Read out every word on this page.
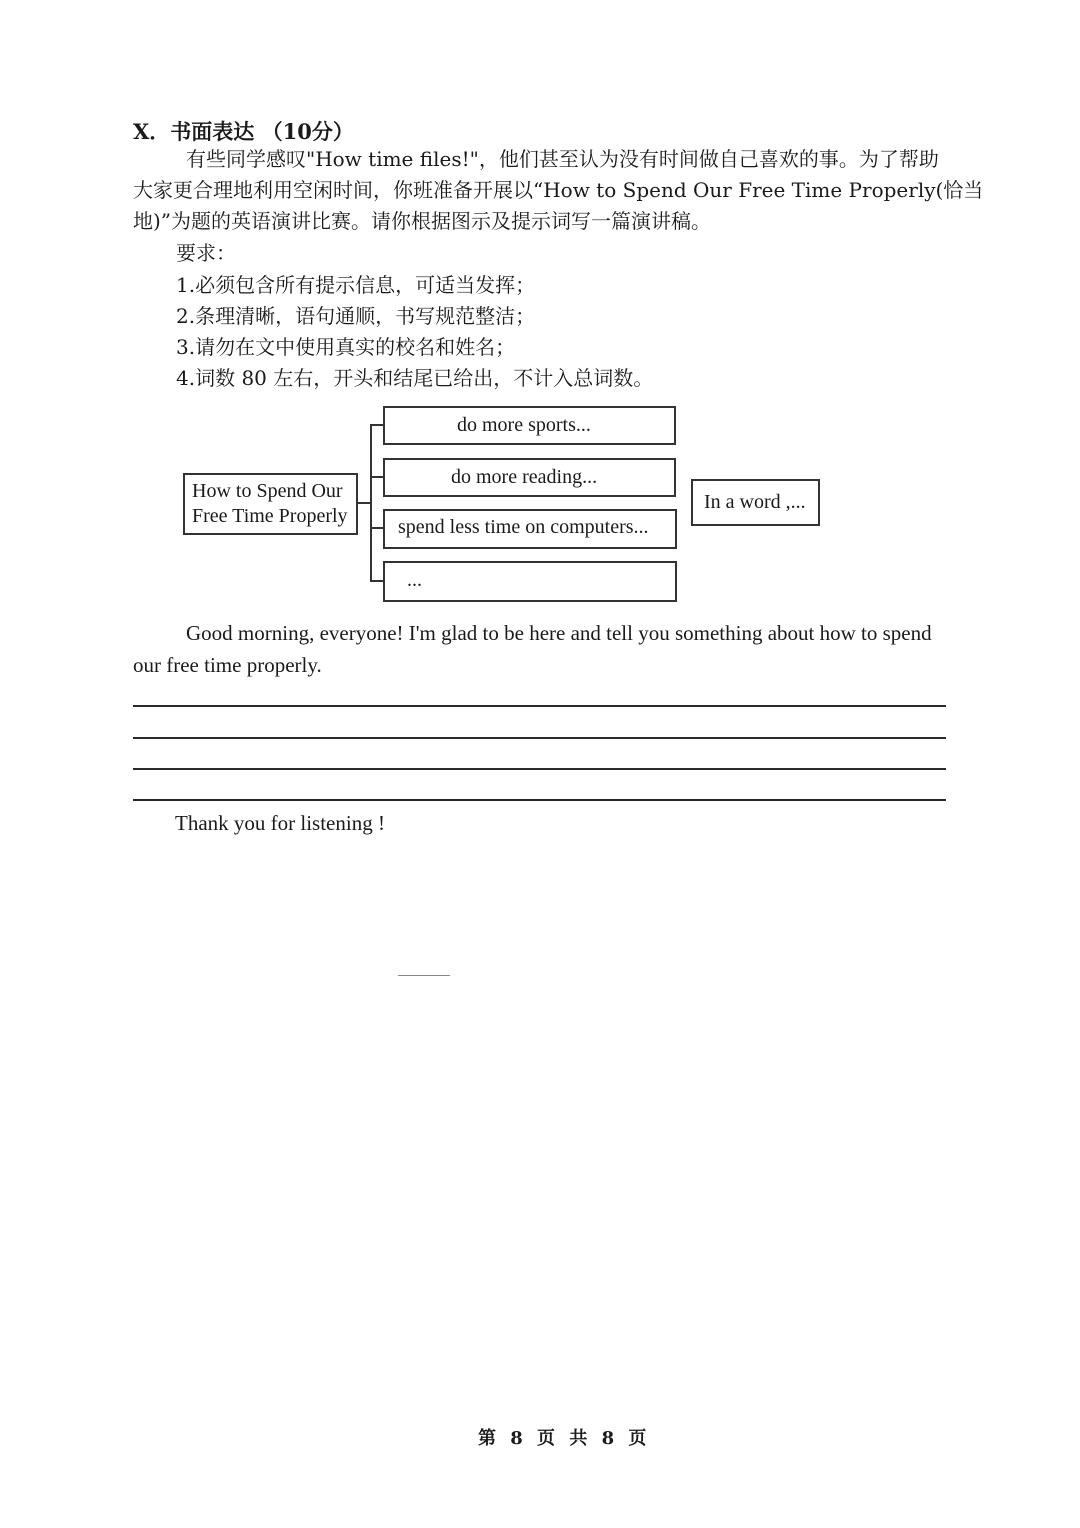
X．书面表达 （10分）
有些同学感叹"How time files!"，他们甚至认为没有时间做自己喜欢的事。为了帮助
大家更合理地利用空闲时间，你班准备开展以“How to Spend Our Free Time Properly(恰当
地)”为题的英语演讲比赛。请你根据图示及提示词写一篇演讲稿。
要求：
1.必须包含所有提示信息，可适当发挥；
2.条理清晰，语句通顺，书写规范整洁；
3.请勿在文中使用真实的校名和姓名；
4.词数 80 左右，开头和结尾已给出，不计入总词数。
How to Spend Our
Free Time Properly
do more sports...
do more reading...
spend less time on computers...
...
In a word ,...
Good morning, everyone! I'm glad to be here and tell you something about how to spend
our free time properly.
Thank you for listening !
第 8 页 共 8 页
